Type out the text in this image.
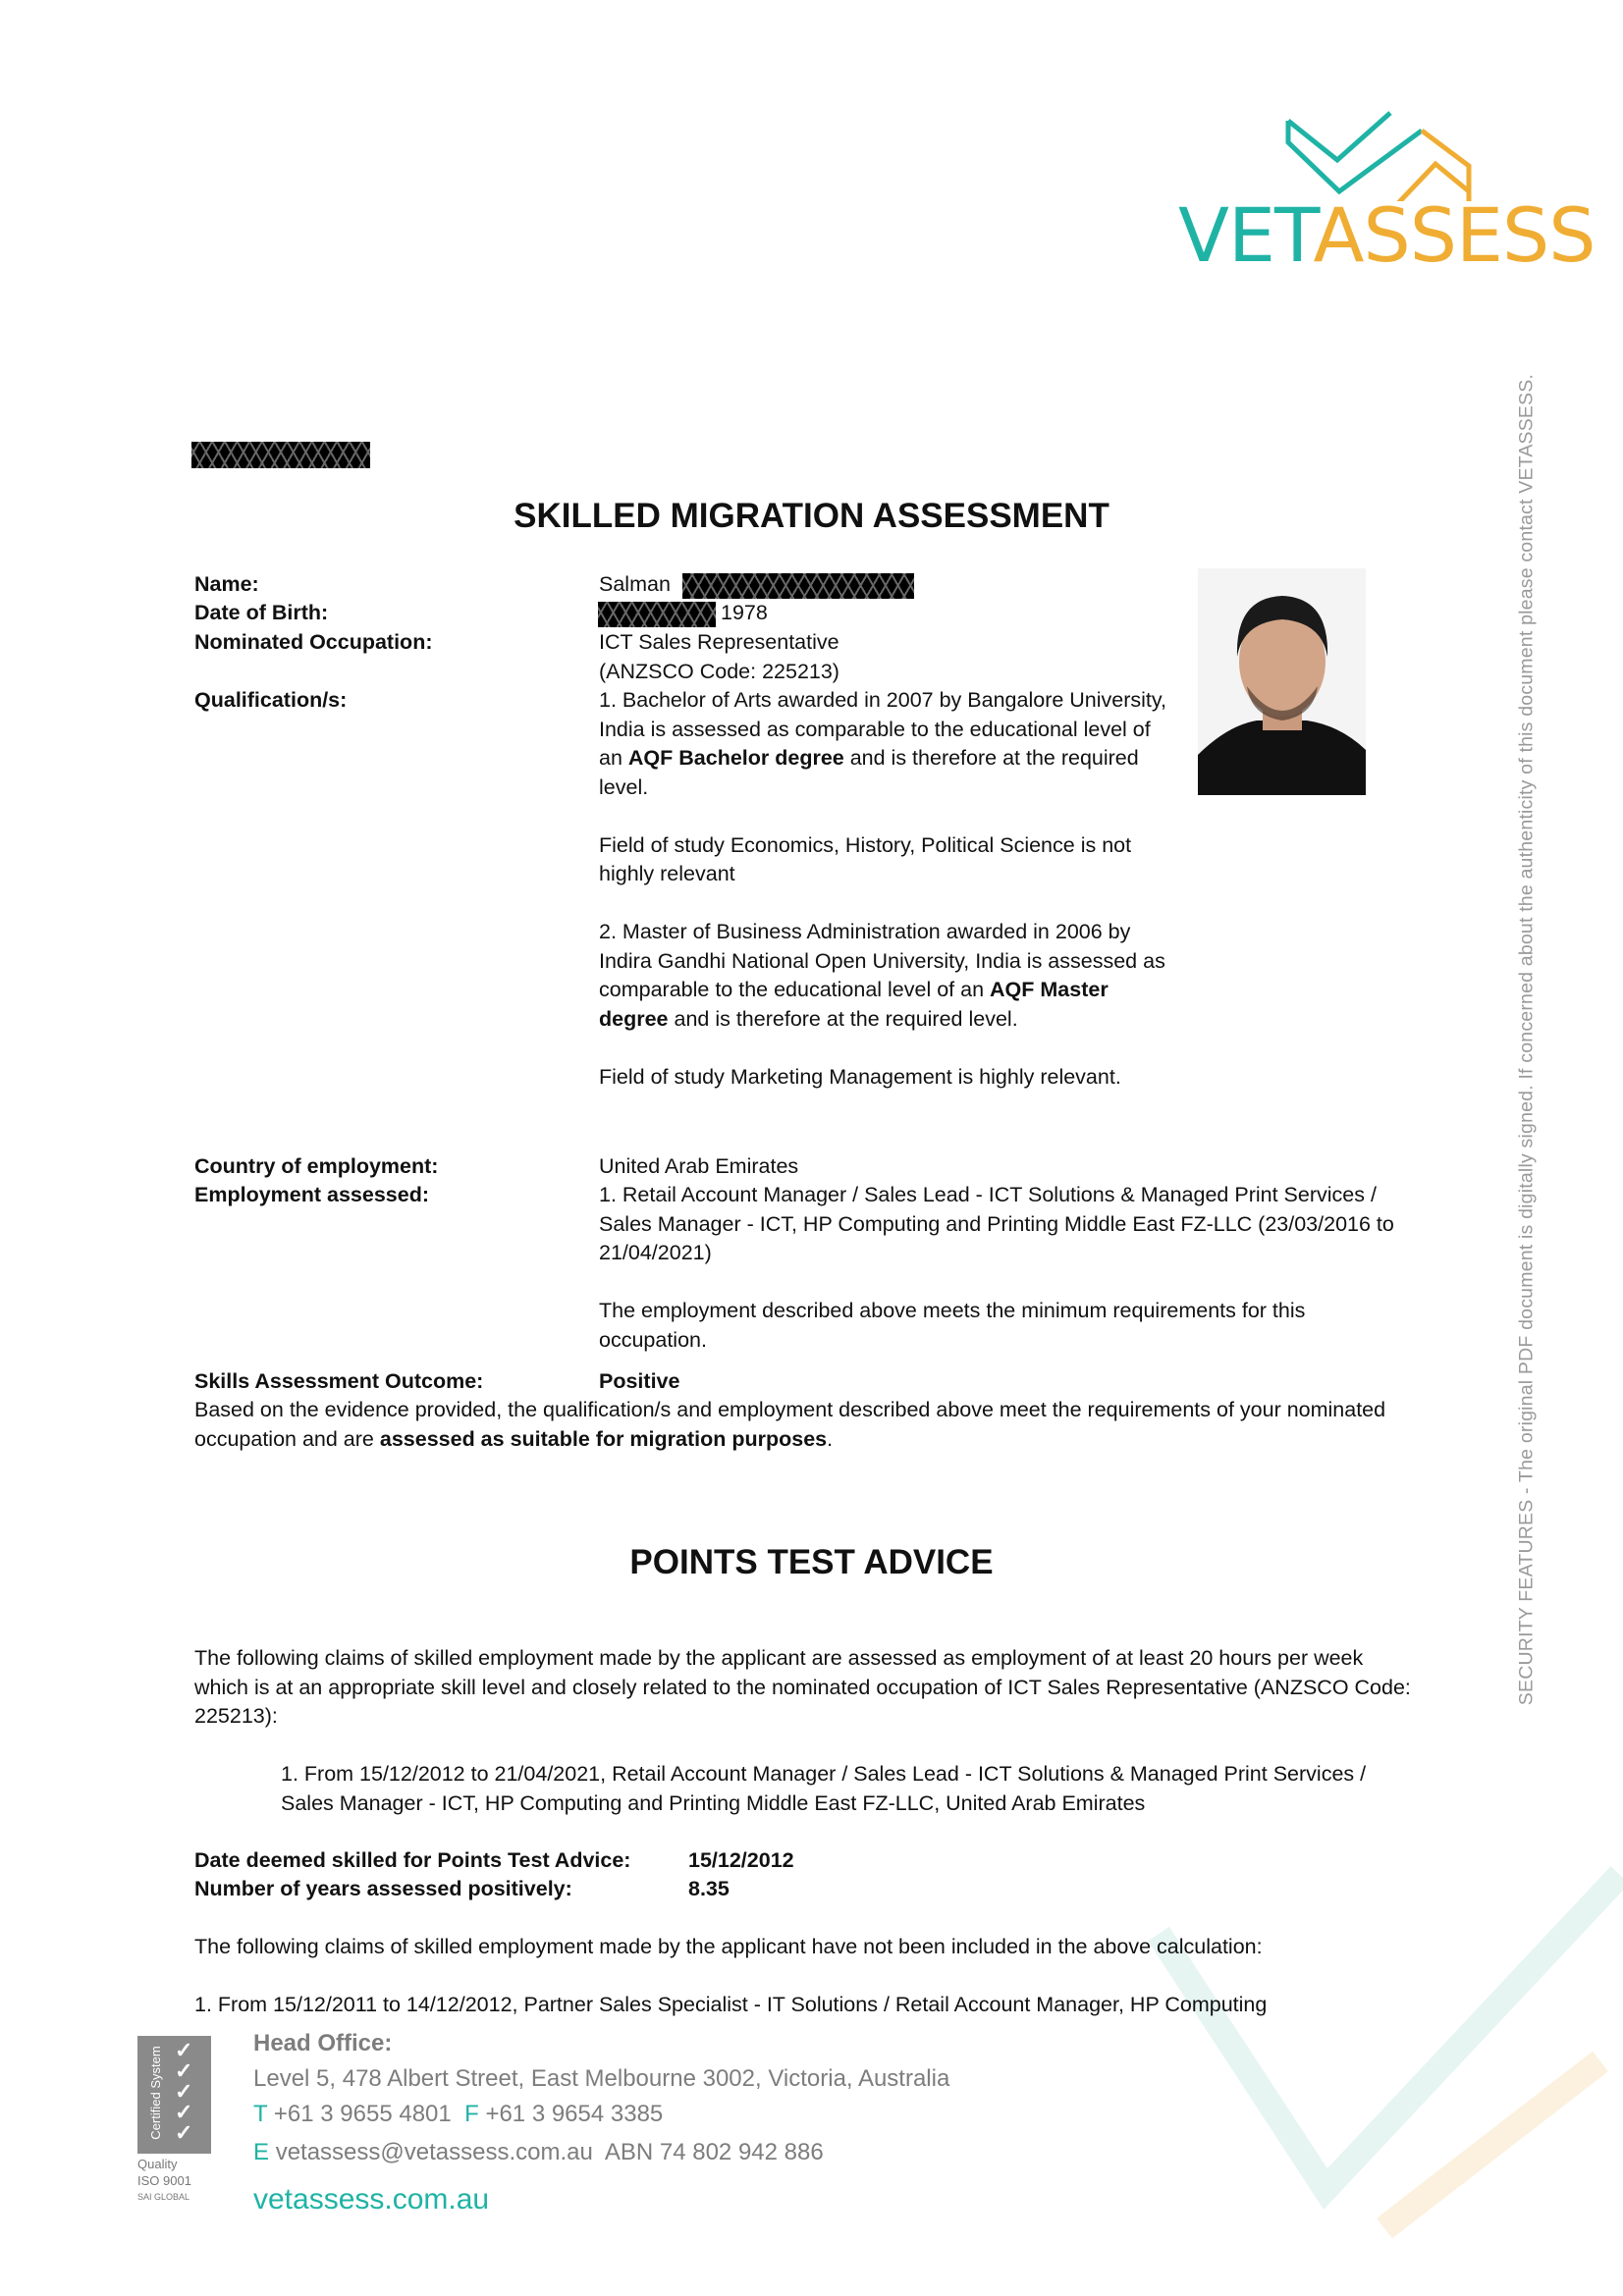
VETASSESS
SECURITY FEATURES - The original PDF document is digitally signed. If concerned about the authenticity of this document please contact VETASSESS.
SKILLED MIGRATION ASSESSMENT
Name:	Salman
Date of Birth:	1978
Nominated Occupation:	ICT Sales Representative
(ANZSCO Code: 225213)
Qualification/s:	1. Bachelor of Arts awarded in 2007 by Bangalore University, India is assessed as comparable to the educational level of an AQF Bachelor degree and is therefore at the required level.

Field of study Economics, History, Political Science is not highly relevant

2. Master of Business Administration awarded in 2006 by Indira Gandhi National Open University, India is assessed as comparable to the educational level of an AQF Master degree and is therefore at the required level.

Field of study Marketing Management is highly relevant.

Country of employment:	United Arab Emirates
Employment assessed:	1. Retail Account Manager / Sales Lead - ICT Solutions & Managed Print Services / Sales Manager - ICT, HP Computing and Printing Middle East FZ-LLC (23/03/2016 to 21/04/2021)

The employment described above meets the minimum requirements for this occupation.

Skills Assessment Outcome:	Positive

Based on the evidence provided, the qualification/s and employment described above meet the requirements of your nominated occupation and are assessed as suitable for migration purposes.

POINTS TEST ADVICE

The following claims of skilled employment made by the applicant are assessed as employment of at least 20 hours per week which is at an appropriate skill level and closely related to the nominated occupation of ICT Sales Representative (ANZSCO Code: 225213):

1. From 15/12/2012 to 21/04/2021, Retail Account Manager / Sales Lead - ICT Solutions & Managed Print Services / Sales Manager - ICT, HP Computing and Printing Middle East FZ-LLC, United Arab Emirates

Date deemed skilled for Points Test Advice:	15/12/2012
Number of years assessed positively:	8.35

The following claims of skilled employment made by the applicant have not been included in the above calculation:

1. From 15/12/2011 to 14/12/2012, Partner Sales Specialist - IT Solutions / Retail Account Manager, HP Computing

Certified System ✓
✓
✓
✓
✓
Quality
ISO 9001
SAI GLOBAL
Head Office:
Level 5, 478 Albert Street, East Melbourne 3002, Victoria, Australia
T +61 3 9655 4801 F +61 3 9654 3385
E vetassess@vetassess.com.au ABN 74 802 942 886
vetassess.com.au
